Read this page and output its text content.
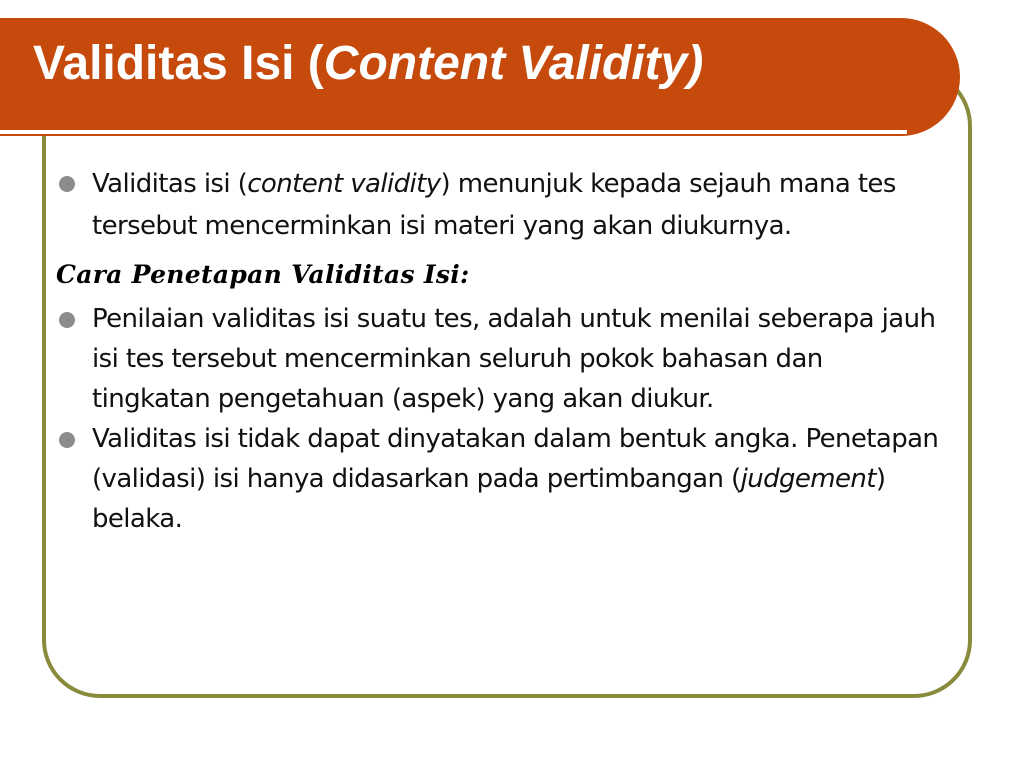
Validitas Isi (Content Validity)
Validitas isi (content validity) menunjuk kepada sejauh mana tes tersebut mencerminkan isi materi yang akan diukurnya.
Cara Penetapan Validitas Isi:
Penilaian validitas isi suatu tes, adalah untuk menilai seberapa jauh isi tes tersebut mencerminkan seluruh pokok bahasan dan tingkatan pengetahuan (aspek) yang akan diukur.
Validitas isi tidak dapat dinyatakan dalam bentuk angka. Penetapan (validasi) isi hanya didasarkan pada pertimbangan (judgement) belaka.
